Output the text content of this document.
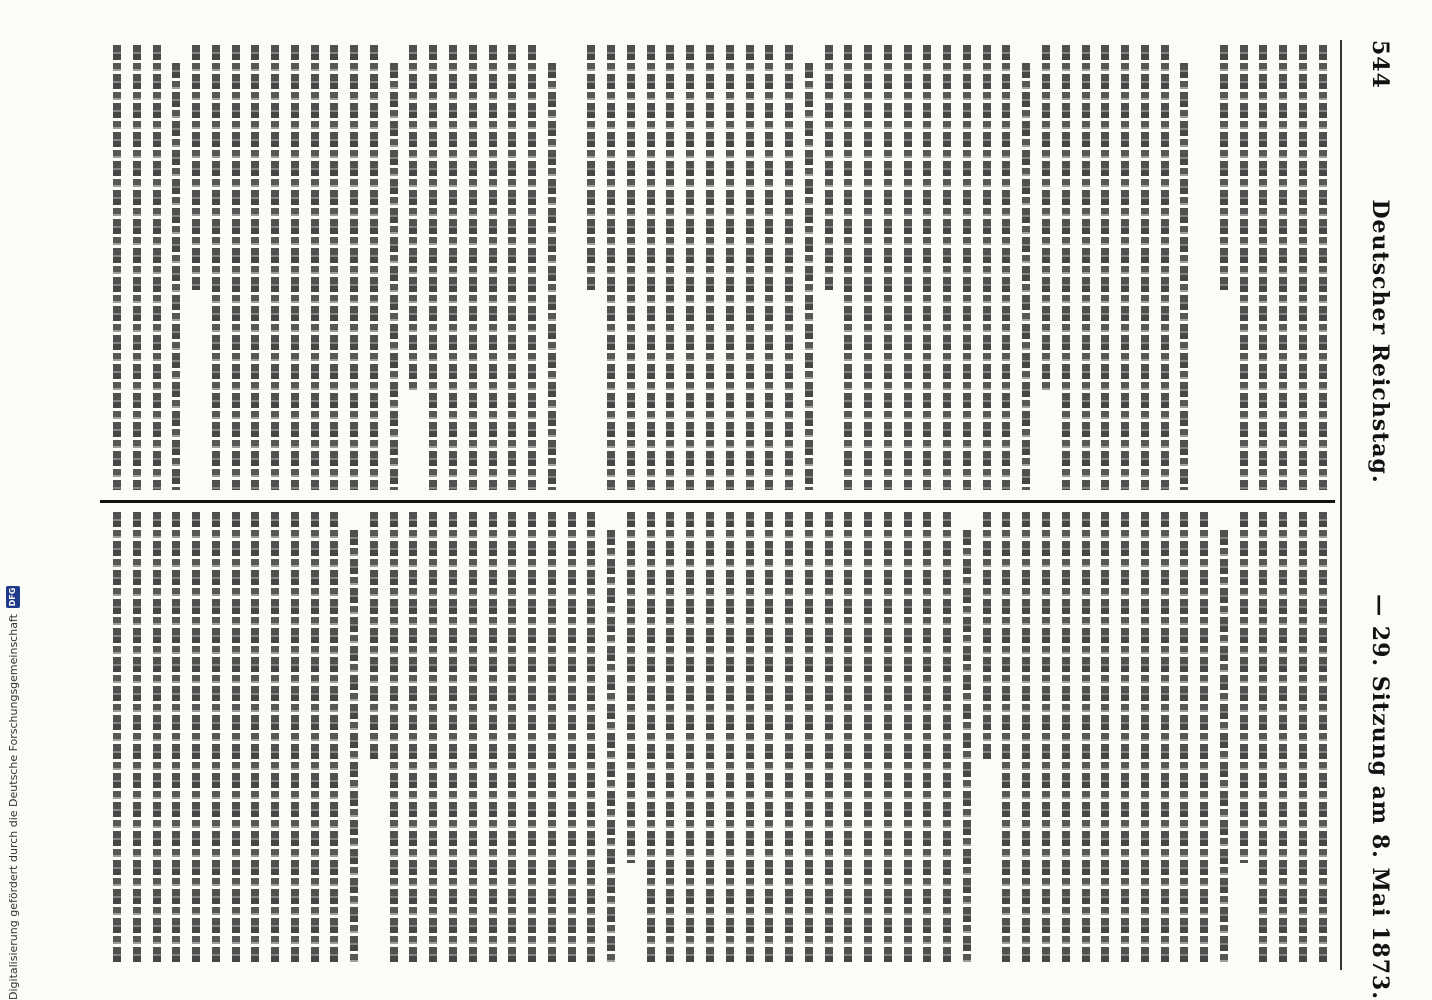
544
Deutscher Reichstag.
— 29. Sitzung am 8. Mai 1873.
Digitalisierung gefördert durch die Deutsche Forschungsgemeinschaft
DFG
